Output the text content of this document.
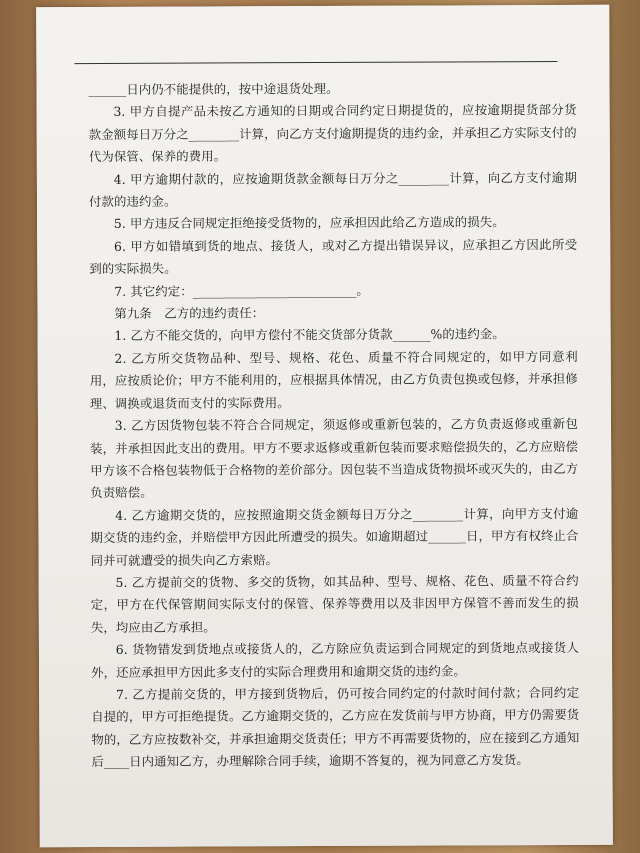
______日内仍不能提供的，按中途退货处理。

3. 甲方自提产品未按乙方通知的日期或合同约定日期提货的，应按逾期提货部分货款金额每日万分之________计算，向乙方支付逾期提货的违约金，并承担乙方实际支付的代为保管、保养的费用。

4. 甲方逾期付款的，应按逾期货款金额每日万分之________计算，向乙方支付逾期付款的违约金。

5. 甲方违反合同规定拒绝接受货物的，应承担因此给乙方造成的损失。

6. 甲方如错填到货的地点、接货人，或对乙方提出错误异议，应承担乙方因此所受到的实际损失。

7. 其它约定：__________________________。

第九条　乙方的违约责任：

1. 乙方不能交货的，向甲方偿付不能交货部分货款______%的违约金。

2. 乙方所交货物品种、型号、规格、花色、质量不符合同规定的，如甲方同意利用，应按质论价；甲方不能利用的，应根据具体情况，由乙方负责包换或包修，并承担修理、调换或退货而支付的实际费用。

3. 乙方因货物包装不符合合同规定，须返修或重新包装的，乙方负责返修或重新包装，并承担因此支出的费用。甲方不要求返修或重新包装而要求赔偿损失的，乙方应赔偿甲方该不合格包装物低于合格物的差价部分。因包装不当造成货物损坏或灭失的，由乙方负责赔偿。

4. 乙方逾期交货的，应按照逾期交货金额每日万分之________计算，向甲方支付逾期交货的违约金，并赔偿甲方因此所遭受的损失。如逾期超过______日，甲方有权终止合同并可就遭受的损失向乙方索赔。

5. 乙方提前交的货物、多交的货物，如其品种、型号、规格、花色、质量不符合约定，甲方在代保管期间实际支付的保管、保养等费用以及非因甲方保管不善而发生的损失，均应由乙方承担。

6. 货物错发到货地点或接货人的，乙方除应负责运到合同规定的到货地点或接货人外，还应承担甲方因此多支付的实际合理费用和逾期交货的违约金。

7. 乙方提前交货的，甲方接到货物后，仍可按合同约定的付款时间付款；合同约定自提的，甲方可拒绝提货。乙方逾期交货的，乙方应在发货前与甲方协商，甲方仍需要货物的，乙方应按数补交，并承担逾期交货责任；甲方不再需要货物的，应在接到乙方通知后____日内通知乙方，办理解除合同手续，逾期不答复的，视为同意乙方发货。
